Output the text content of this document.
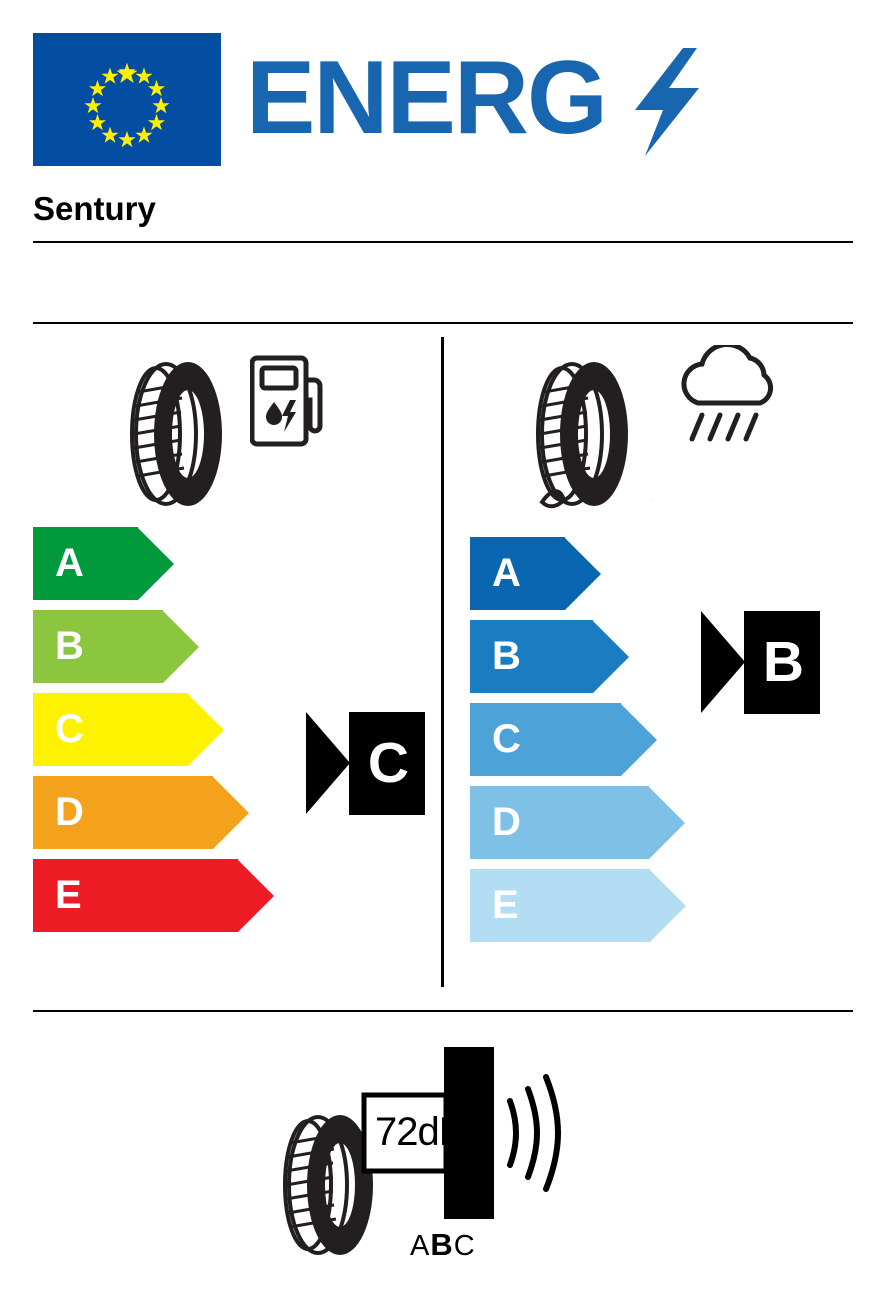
ENERG
Sentury
A
B
C
D
E
A
B
C
D
E
C
B
72dB
ABC
